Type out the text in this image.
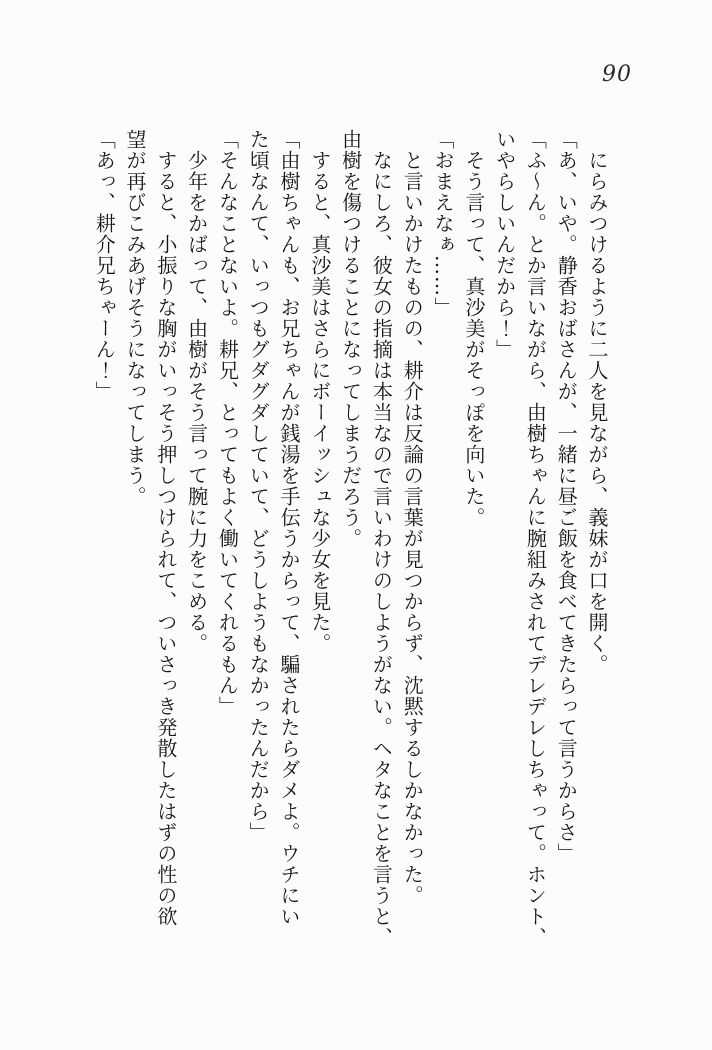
90

にらみつけるように二人を見ながら、義妹が口を開く。

「あ、いや。静香おばさんが、一緒に昼ご飯を食べてきたらって言うからさ」

「ふ〜ん。とか言いながら、由樹ちゃんに腕組みされてデレデレしちゃって。ホント、

いやらしいんだから！」

そう言って、真沙美がそっぽを向いた。

「おまえなぁ……」

と言いかけたものの、耕介は反論の言葉が見つからず、沈黙するしかなかった。

なにしろ、彼女の指摘は本当なので言いわけのしようがない。ヘタなことを言うと、

由樹を傷つけることになってしまうだろう。

すると、真沙美はさらにボーイッシュな少女を見た。

「由樹ちゃんも、お兄ちゃんが銭湯を手伝うからって、騙されたらダメよ。ウチにい

た頃なんて、いっつもグダグダしていて、どうしようもなかったんだから」

「そんなことないよ。耕兄、とってもよく働いてくれるもん」

少年をかばって、由樹がそう言って腕に力をこめる。

すると、小振りな胸がいっそう押しつけられて、ついさっき発散したはずの性の欲

望が再びこみあげそうになってしまう。

「あっ、耕介兄ちゃーん！」
